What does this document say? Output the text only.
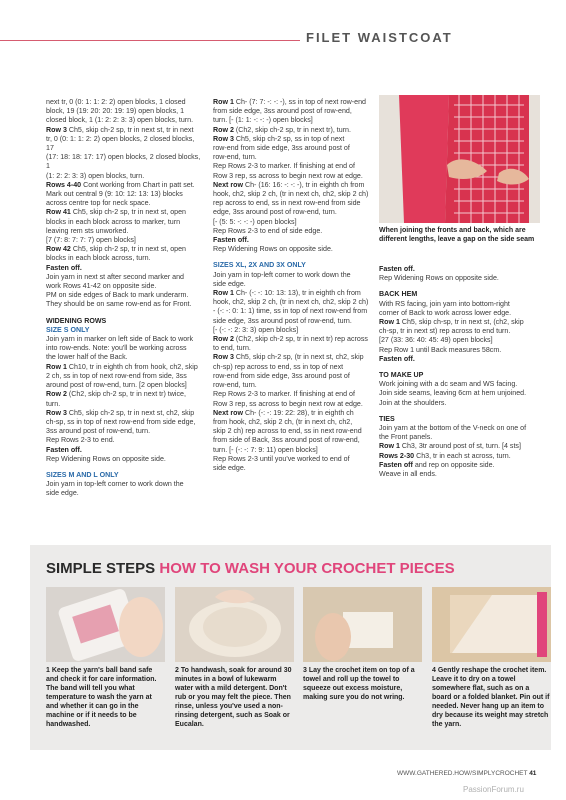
FILET WAISTCOAT

next tr, 0 (0: 1: 1: 2: 2) open blocks, 1 closed

block, 19 (19: 20: 20: 19: 19) open blocks, 1

closed block, 1 (1: 2: 2: 3: 3) open blocks, turn.

Row 3 Ch5, skip ch-2 sp, tr in next st, tr in next

tr, 0 (0: 1: 1: 2: 2) open blocks, 2 closed blocks, 17

(17: 18: 18: 17: 17) open blocks, 2 closed blocks, 1

(1: 2: 2: 3: 3) open blocks, turn.

Rows 4-40 Cont working from Chart in patt set.

Mark out central 9 (9: 10: 12: 13: 13) blocks

across centre top for neck space.

Row 41 Ch5, skip ch-2 sp, tr in next st, open

blocks in each block across to marker, turn

leaving rem sts unworked.

[7 (7: 8: 7: 7: 7) open blocks]

Row 42 Ch5, skip ch-2 sp, tr in next st, open

blocks in each block across, turn.

Fasten off.

Join yarn in next st after second marker and

work Rows 41-42 on opposite side.

PM on side edges of Back to mark underarm.

They should be on same row-end as for Front.

WIDENING ROWS

SIZE S ONLY

Join yarn in marker on left side of Back to work

into row-ends. Note: you'll be working across

the lower half of the Back.

Row 1 Ch10, tr in eighth ch from hook, ch2, skip

2 ch, ss in top of next row-end from side, 3ss

around post of row-end, turn. [2 open blocks]

Row 2 (Ch2, skip ch-2 sp, tr in next tr) twice, turn.

Row 3 Ch5, skip ch-2 sp, tr in next st, ch2, skip

ch-sp, ss in top of next row-end from side edge,

3ss around post of row-end, turn.

Rep Rows 2-3 to end.

Fasten off.

Rep Widening Rows on opposite side.

SIZES M AND L ONLY

Join yarn in top-left corner to work down the

side edge.

Row 1 Ch- (7: 7: -: -: -), ss in top of next row-end

from side edge, 3ss around post of row-end,

turn. [- (1: 1: -: -: -) open blocks]

Row 2 (Ch2, skip ch-2 sp, tr in next tr), turn.

Row 3 Ch5, skip ch-2 sp, ss in top of next

row-end from side edge, 3ss around post of

row-end, turn.

Rep Rows 2-3 to marker. If finishing at end of

Row 3 rep, ss across to begin next row at edge.

Next row Ch- (16: 16: -: -: -), tr in eighth ch from

hook, ch2, skip 2 ch, (tr in next ch, ch2, skip 2 ch)

rep across to end, ss in next row-end from side

edge, 3ss around post of row-end, turn.

[- (5: 5: -: -: -) open blocks]

Rep Rows 2-3 to end of side edge.

Fasten off.

Rep Widening Rows on opposite side.

SIZES XL, 2X AND 3X ONLY

Join yarn in top-left corner to work down the

side edge.

Row 1 Ch- (-: -: 10: 13: 13), tr in eighth ch from

hook, ch2, skip 2 ch, (tr in next ch, ch2, skip 2 ch)

- (-: -: 0: 1: 1) time, ss in top of next row-end from

side edge, 3ss around post of row-end, turn.

[- (-: -: 2: 3: 3) open blocks]

Row 2 (Ch2, skip ch-2 sp, tr in next tr) rep across

to end, turn.

Row 3 Ch5, skip ch-2 sp, (tr in next st, ch2, skip

ch-sp) rep across to end, ss in top of next

row-end from side edge, 3ss around post of

row-end, turn.

Rep Rows 2-3 to marker. If finishing at end of

Row 3 rep, ss across to begin next row at edge.

Next row Ch- (-: -: 19: 22: 28), tr in eighth ch

from hook, ch2, skip 2 ch, (tr in next ch, ch2,

skip 2 ch) rep across to end, ss in next row-end

from side of Back, 3ss around post of row-end,

turn. [- (-: -: 7: 9: 11) open blocks]

Rep Rows 2-3 until you've worked to end of

side edge.

When joining the fronts and back, which are different lengths, leave a gap on the side seam

Fasten off.

Rep Widening Rows on opposite side.

BACK HEM

With RS facing, join yarn into bottom-right

corner of Back to work across lower edge.

Row 1 Ch5, skip ch-sp, tr in next st, (ch2, skip

ch-sp, tr in next st) rep across to end turn.

[27 (33: 36: 40: 45: 49) open blocks]

Rep Row 1 until Back measures 58cm.

Fasten off.

TO MAKE UP

Work joining with a dc seam and WS facing.

Join side seams, leaving 6cm at hem unjoined.

Join at the shoulders.

TIES

Join yarn at the bottom of the V-neck on one of

the Front panels.

Row 1 Ch3, 3tr around post of st, turn. [4 sts]

Rows 2-30 Ch3, tr in each st across, turn.

Fasten off and rep on opposite side.

Weave in all ends.

SIMPLE STEPS HOW TO WASH YOUR CROCHET PIECES
1 Keep the yarn's ball band safe and check it for care information. The band will tell you what temperature to wash the yarn at and whether it can go in the machine or if it needs to be handwashed.
2 To handwash, soak for around 30 minutes in a bowl of lukewarm water with a mild detergent. Don't rub or you may felt the piece. Then rinse, unless you've used a non-rinsing detergent, such as Soak or Eucalan.
3 Lay the crochet item on top of a towel and roll up the towel to squeeze out excess moisture, making sure you do not wring.
4 Gently reshape the crochet item. Leave it to dry on a towel somewhere flat, such as on a board or a folded blanket. Pin out if needed. Never hang up an item to dry because its weight may stretch the yarn.
WWW.GATHERED.HOW/SIMPLYCROCHET 41
PassionForum.ru
